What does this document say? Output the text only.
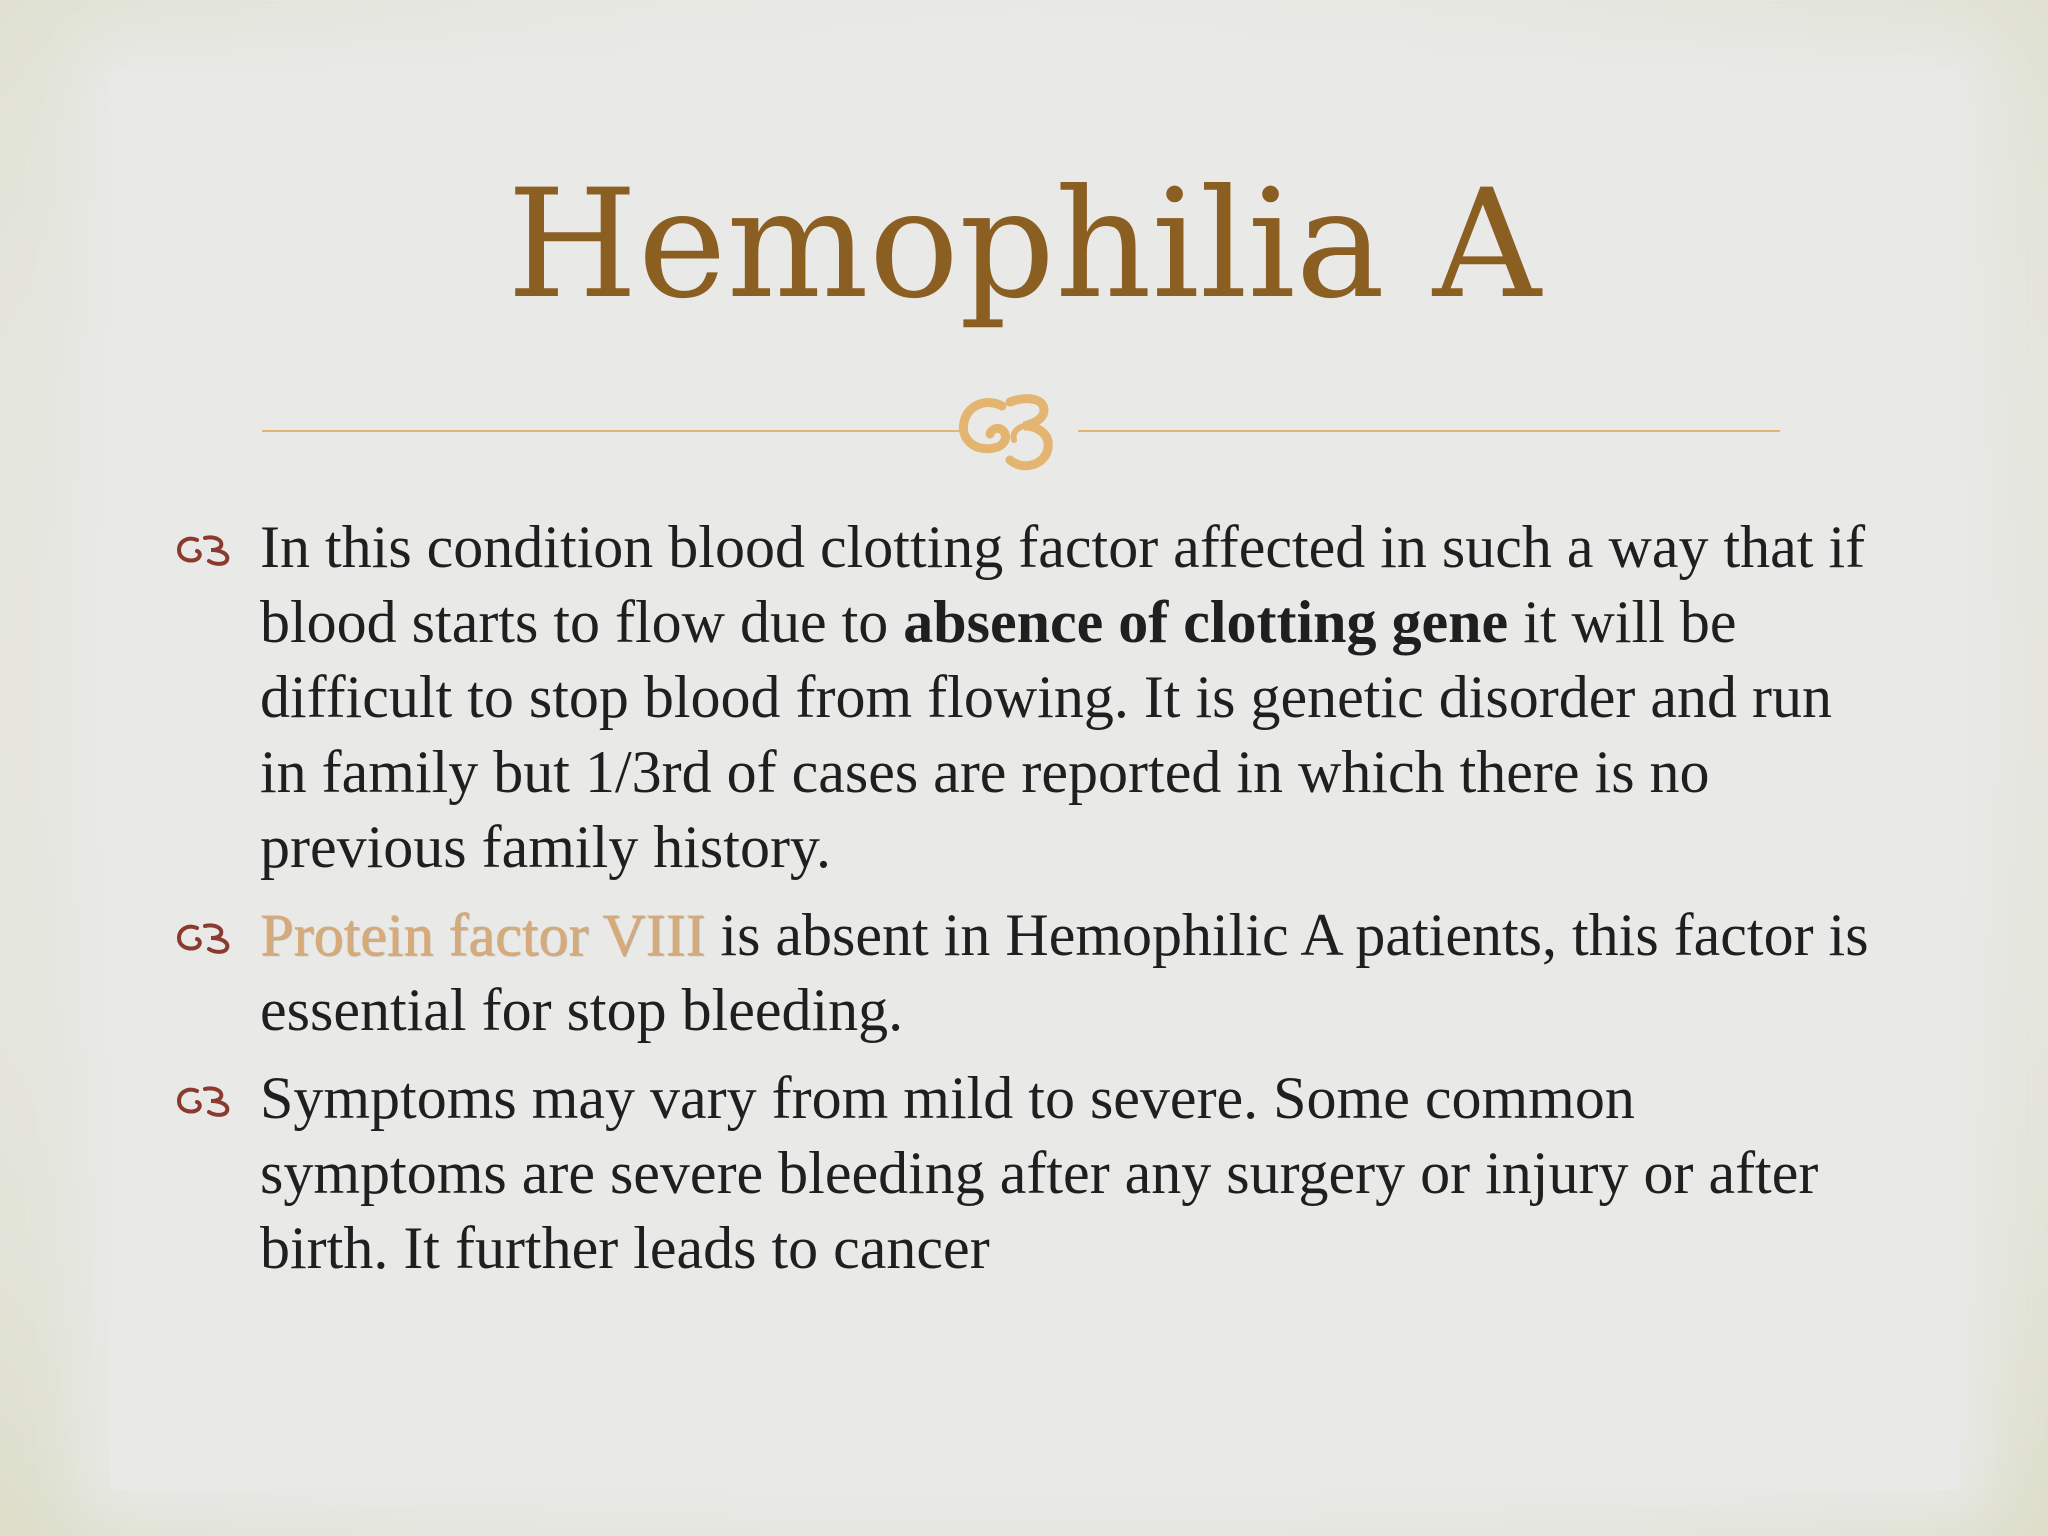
Hemophilia A
In this condition blood clotting factor affected in such a way that if blood starts to flow due to absence of clotting gene it will be difficult to stop blood from flowing. It is genetic disorder and run in family but 1/3rd of cases are reported in which there is no previous family history.
Protein factor VIII is absent in Hemophilic A patients, this factor is essential for stop bleeding.
Symptoms may vary from mild to severe. Some common symptoms are severe bleeding after any surgery or injury or after birth. It further leads to cancer
